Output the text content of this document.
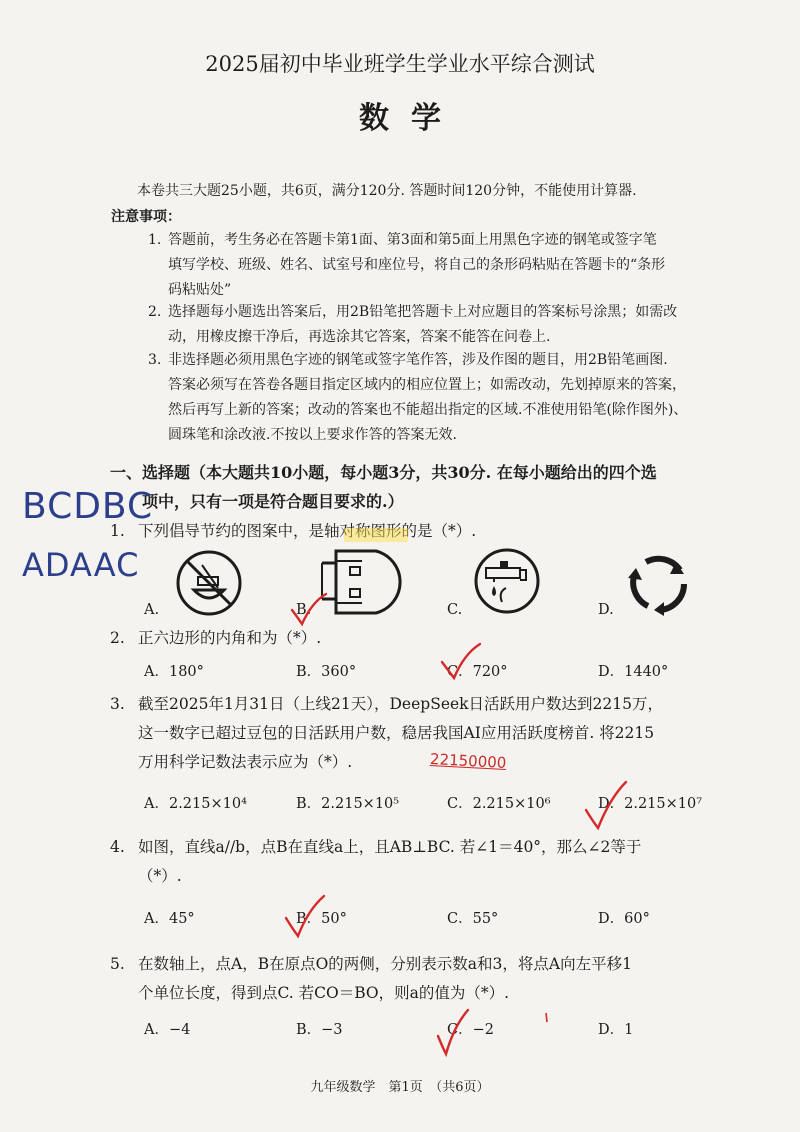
2025届初中毕业班学生学业水平综合测试
数学
本卷共三大题25小题，共6页，满分120分. 答题时间120分钟，不能使用计算器.
注意事项：
1. 答题前，考生务必在答题卡第1面、第3面和第5面上用黑色字迹的钢笔或签字笔
填写学校、班级、姓名、试室号和座位号，将自己的条形码粘贴在答题卡的“条形
码粘贴处”
2. 选择题每小题选出答案后，用2B铅笔把答题卡上对应题目的答案标号涂黑；如需改
动，用橡皮擦干净后，再选涂其它答案，答案不能答在问卷上.
3. 非选择题必须用黑色字迹的钢笔或签字笔作答，涉及作图的题目，用2B铅笔画图.
答案必须写在答卷各题目指定区域内的相应位置上；如需改动，先划掉原来的答案，
然后再写上新的答案；改动的答案也不能超出指定的区域.不准使用铅笔(除作图外)、
圆珠笔和涂改液.不按以上要求作答的答案无效.
一、选择题（本大题共10小题，每小题3分，共30分. 在每小题给出的四个选
项中，只有一项是符合题目要求的.）
1. 下列倡导节约的图案中，是轴对称图形的是（*）.
A.	B.	C.	D.
2. 正六边形的内角和为（*）.
A．180°	B．360°	C．720°	D．1440°
3. 截至2025年1月31日（上线21天），DeepSeek日活跃用户数达到2215万，
这一数字已超过豆包的日活跃用户数，稳居我国AI应用活跃度榜首. 将2215
万用科学记数法表示应为（*）.
A．2.215×10⁴	B．2.215×10⁵	C．2.215×10⁶	D．2.215×10⁷
4. 如图，直线a//b，点B在直线a上，且AB⊥BC. 若∠1＝40°，那么∠2等于
（*）.
A．45°	B．50°	C．55°	D．60°
5. 在数轴上，点A，B在原点O的两侧，分别表示数a和3，将点A向左平移1
个单位长度，得到点C. 若CO＝BO，则a的值为（*）.
A．−4	B．−3	C．−2	D．1
BCDBC
ADAAC
22150000
九年级数学　第1页　（共6页）
